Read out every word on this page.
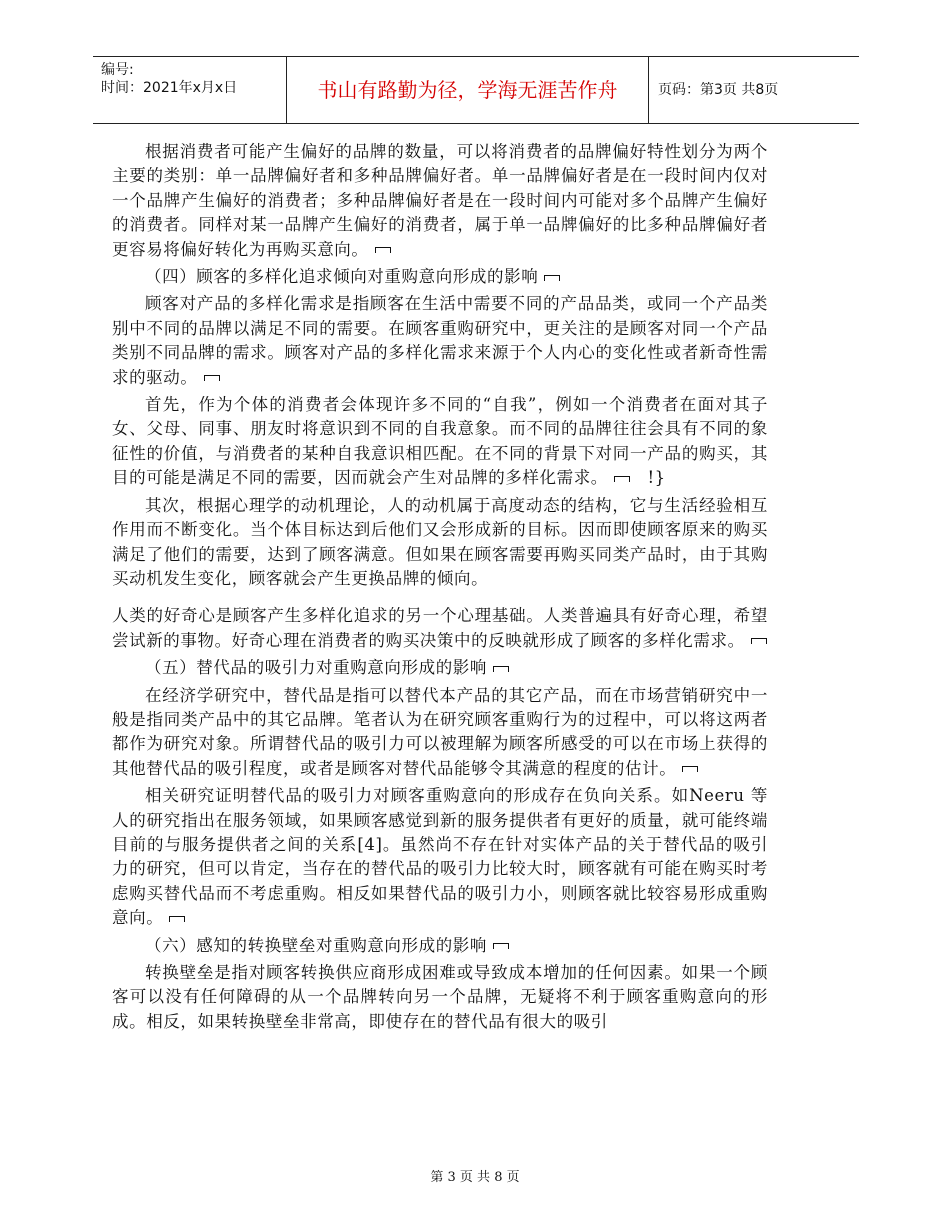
编号:
时间：2021年x月x日	书山有路勤为径，学海无涯苦作舟	页码：第3页 共8页

根据消费者可能产生偏好的品牌的数量，可以将消费者的品牌偏好特性划分为两个主要的类别：单一品牌偏好者和多种品牌偏好者。单一品牌偏好者是在一段时间内仅对一个品牌产生偏好的消费者；多种品牌偏好者是在一段时间内可能对多个品牌产生偏好的消费者。同样对某一品牌产生偏好的消费者，属于单一品牌偏好的比多种品牌偏好者更容易将偏好转化为再购买意向。

（四）顾客的多样化追求倾向对重购意向形成的影响

顾客对产品的多样化需求是指顾客在生活中需要不同的产品品类，或同一个产品类别中不同的品牌以满足不同的需要。在顾客重购研究中，更关注的是顾客对同一个产品类别不同品牌的需求。顾客对产品的多样化需求来源于个人内心的变化性或者新奇性需求的驱动。

首先，作为个体的消费者会体现许多不同的“自我”，例如一个消费者在面对其子女、父母、同事、朋友时将意识到不同的自我意象。而不同的品牌往往会具有不同的象征性的价值，与消费者的某种自我意识相匹配。在不同的背景下对同一产品的购买，其目的可能是满足不同的需要，因而就会产生对品牌的多样化需求。 !}

其次，根据心理学的动机理论，人的动机属于高度动态的结构，它与生活经验相互作用而不断变化。当个体目标达到后他们又会形成新的目标。因而即使顾客原来的购买满足了他们的需要，达到了顾客满意。但如果在顾客需要再购买同类产品时，由于其购买动机发生变化，顾客就会产生更换品牌的倾向。

人类的好奇心是顾客产生多样化追求的另一个心理基础。人类普遍具有好奇心理，希望尝试新的事物。好奇心理在消费者的购买决策中的反映就形成了顾客的多样化需求。

（五）替代品的吸引力对重购意向形成的影响

在经济学研究中，替代品是指可以替代本产品的其它产品，而在市场营销研究中一般是指同类产品中的其它品牌。笔者认为在研究顾客重购行为的过程中，可以将这两者都作为研究对象。所谓替代品的吸引力可以被理解为顾客所感受的可以在市场上获得的其他替代品的吸引程度，或者是顾客对替代品能够令其满意的程度的估计。

相关研究证明替代品的吸引力对顾客重购意向的形成存在负向关系。如Neeru 等人的研究指出在服务领域，如果顾客感觉到新的服务提供者有更好的质量，就可能终端目前的与服务提供者之间的关系[4]。虽然尚不存在针对实体产品的关于替代品的吸引力的研究，但可以肯定，当存在的替代品的吸引力比较大时，顾客就有可能在购买时考虑购买替代品而不考虑重购。相反如果替代品的吸引力小，则顾客就比较容易形成重购意向。

（六）感知的转换壁垒对重购意向形成的影响

转换壁垒是指对顾客转换供应商形成困难或导致成本增加的任何因素。如果一个顾客可以没有任何障碍的从一个品牌转向另一个品牌，无疑将不利于顾客重购意向的形成。相反，如果转换壁垒非常高，即使存在的替代品有很大的吸引

第 3 页 共 8 页
